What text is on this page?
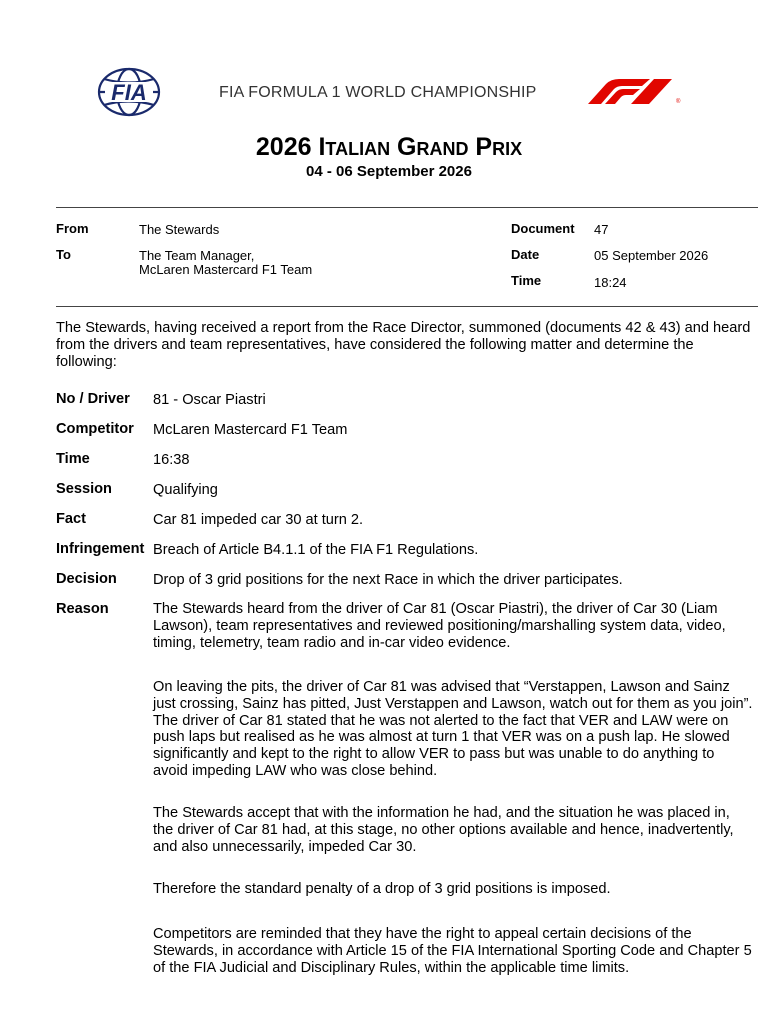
FIA	FIA FORMULA 1 WORLD CHAMPIONSHIP
®
2026 Italian Grand Prix
04 - 06 September 2026
From	The Stewards
To	The Team Manager,
McLaren Mastercard F1 Team
Document 47
Date	05 September 2026
Time	18:24
The Stewards, having received a report from the Race Director, summoned (documents 42 & 43) and heard from the drivers and team representatives, have considered the following matter and determine the following:
No / Driver 81 - Oscar Piastri
Competitor McLaren Mastercard F1 Team
Time	16:38
Session	Qualifying
Fact	Car 81 impeded car 30 at turn 2.
Infringement Breach of Article B4.1.1 of the FIA F1 Regulations.
Decision Drop of 3 grid positions for the next Race in which the driver participates.
Reason	The Stewards heard from the driver of Car 81 (Oscar Piastri), the driver of Car 30 (Liam Lawson), team representatives and reviewed positioning/marshalling system data, video, timing, telemetry, team radio and in-car video evidence.
On leaving the pits, the driver of Car 81 was advised that “Verstappen, Lawson and Sainz just crossing, Sainz has pitted, Just Verstappen and Lawson, watch out for them as you join”. The driver of Car 81 stated that he was not alerted to the fact that VER and LAW were on push laps but realised as he was almost at turn 1 that VER was on a push lap. He slowed significantly and kept to the right to allow VER to pass but was unable to do anything to avoid impeding LAW who was close behind.
The Stewards accept that with the information he had, and the situation he was placed in, the driver of Car 81 had, at this stage, no other options available and hence, inadvertently, and also unnecessarily, impeded Car 30.
Therefore the standard penalty of a drop of 3 grid positions is imposed.
Competitors are reminded that they have the right to appeal certain decisions of the Stewards, in accordance with Article 15 of the FIA International Sporting Code and Chapter 5 of the FIA Judicial and Disciplinary Rules, within the applicable time limits.
